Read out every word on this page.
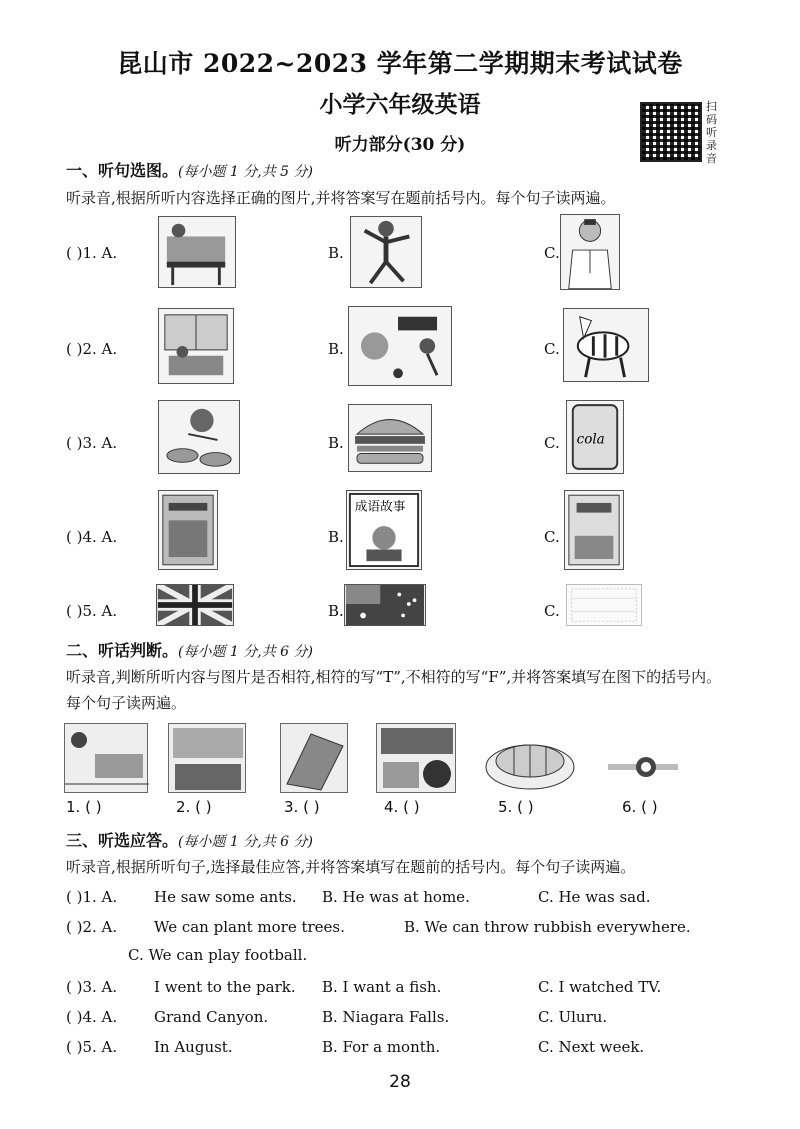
昆山市 2022~2023 学年第二学期期末考试试卷
小学六年级英语	扫码听录音
听力部分(30 分)
一、听句选图。(每小题 1 分,共 5 分)
听录音,根据所听内容选择正确的图片,并将答案写在题前括号内。每个句子读两遍。
( )1. A.	B.	C.
( )2. A.	B.	C.
( )3. A.	B.	C. cola
( )4. A.	B.	C.
成语故事
( )5. A.	B.	C.
二、听话判断。(每小题 1 分,共 6 分)
听录音,判断所听内容与图片是否相符,相符的写“T”,不相符的写“F”,并将答案填写在图下的括号内。每个句子读两遍。
1. ( )	2. ( )	3. ( )	4. ( )	5. ( )	6. ( )
三、听选应答。(每小题 1 分,共 6 分)
听录音,根据所听句子,选择最佳应答,并将答案填写在题前的括号内。每个句子读两遍。
( )1. A. He saw some ants. B. He was at home.	C. He was sad.
( )2. A. We can plant more trees.	B. We can throw rubbish everywhere.
C. We can play football.
( )3. A. I went to the park. B. I want a fish.	C. I watched TV.
( )4. A. Grand Canyon.	B. Niagara Falls.	C. Uluru.
( )5. A. In August.	B. For a month.	C. Next week.
28
